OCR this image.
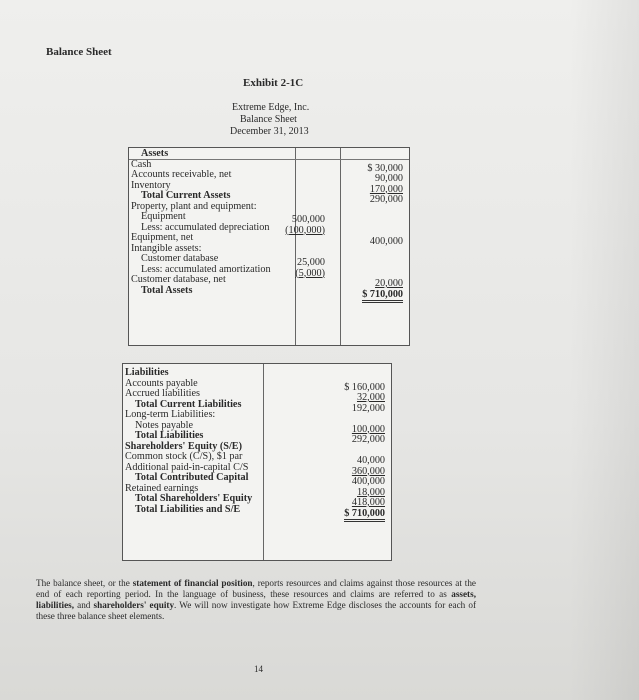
Balance Sheet
Exhibit 2-1C
Extreme Edge, Inc.
Balance Sheet
December 31, 2013
Assets
Cash	$ 30,000
Accounts receivable, net	90,000
Inventory	170,000
Total Current Assets	290,000
Property, plant and equipment:
Equipment	500,000
Less: accumulated depreciation (100,000)
Equipment, net	400,000
Intangible assets:
Customer database	25,000
Less: accumulated amortization (5,000)
Customer database, net	20,000
Total Assets	$ 710,000
Liabilities
Accounts payable	$ 160,000
Accrued liabilities	32,000
Total Current Liabilities	192,000
Long-term Liabilities:
Notes payable	100,000
Total Liabilities	292,000
Shareholders' Equity (S/E)
Common stock (C/S), $1 par	40,000
Additional paid-in-capital C/S	360,000
Total Contributed Capital	400,000
Retained earnings	18,000
Total Shareholders' Equity	418,000
Total Liabilities and S/E	$ 710,000
The balance sheet, or the statement of financial position, reports resources and claims against those resources at the end of each reporting period. In the language of business, these resources and claims are referred to as assets, liabilities, and shareholders' equity. We will now investigate how Extreme Edge discloses the accounts for each of these three balance sheet elements.
14
